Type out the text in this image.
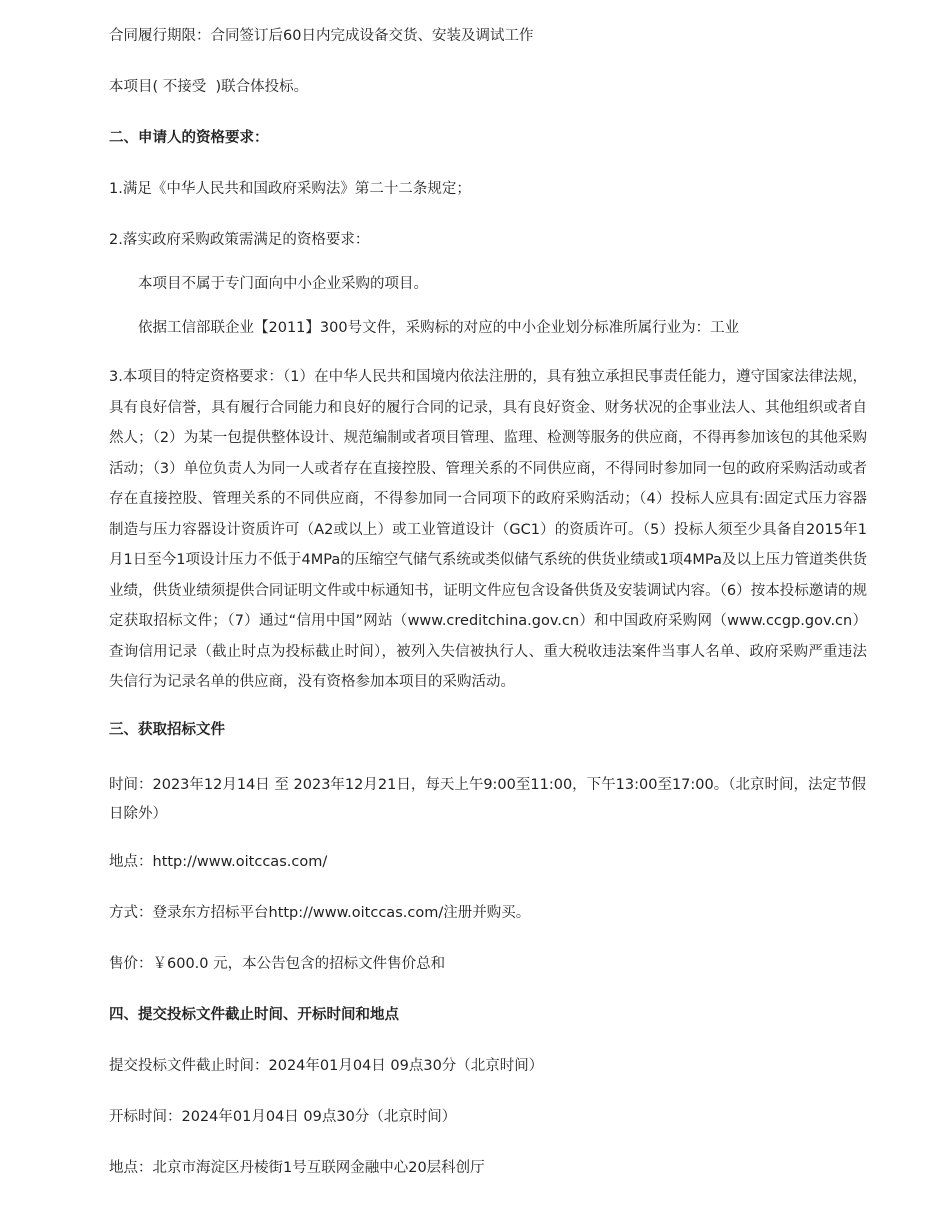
合同履行期限：合同签订后60日内完成设备交货、安装及调试工作

本项目( 不接受  )联合体投标。

二、申请人的资格要求：

1.满足《中华人民共和国政府采购法》第二十二条规定；

2.落实政府采购政策需满足的资格要求：

本项目不属于专门面向中小企业采购的项目。

依据工信部联企业【2011】300号文件，采购标的对应的中小企业划分标准所属行业为：工业

3.本项目的特定资格要求：（1）在中华人民共和国境内依法注册的，具有独立承担民事责任能力，遵守国家法律法规，具有良好信誉，具有履行合同能力和良好的履行合同的记录，具有良好资金、财务状况的企事业法人、其他组织或者自然人；（2）为某一包提供整体设计、规范编制或者项目管理、监理、检测等服务的供应商，不得再参加该包的其他采购活动；（3）单位负责人为同一人或者存在直接控股、管理关系的不同供应商，不得同时参加同一包的政府采购活动或者存在直接控股、管理关系的不同供应商，不得参加同一合同项下的政府采购活动；（4）投标人应具有:固定式压力容器制造与压力容器设计资质许可（A2或以上）或工业管道设计（GC1）的资质许可。（5）投标人须至少具备自2015年1月1日至今1项设计压力不低于4MPa的压缩空气储气系统或类似储气系统的供货业绩或1项4MPa及以上压力管道类供货业绩，供货业绩须提供合同证明文件或中标通知书，证明文件应包含设备供货及安装调试内容。（6）按本投标邀请的规定获取招标文件；（7）通过“信用中国”网站（www.creditchina.gov.cn）和中国政府采购网（www.ccgp.gov.cn）查询信用记录（截止时点为投标截止时间），被列入失信被执行人、重大税收违法案件当事人名单、政府采购严重违法失信行为记录名单的供应商，没有资格参加本项目的采购活动。

三、获取招标文件

时间：2023年12月14日 至 2023年12月21日，每天上午9:00至11:00，下午13:00至17:00。（北京时间，法定节假日除外）

地点：http://www.oitccas.com/

方式：登录东方招标平台http://www.oitccas.com/注册并购买。

售价：￥600.0 元，本公告包含的招标文件售价总和

四、提交投标文件截止时间、开标时间和地点

提交投标文件截止时间：2024年01月04日 09点30分（北京时间）

开标时间：2024年01月04日 09点30分（北京时间）

地点：北京市海淀区丹棱街1号互联网金融中心20层科创厅
